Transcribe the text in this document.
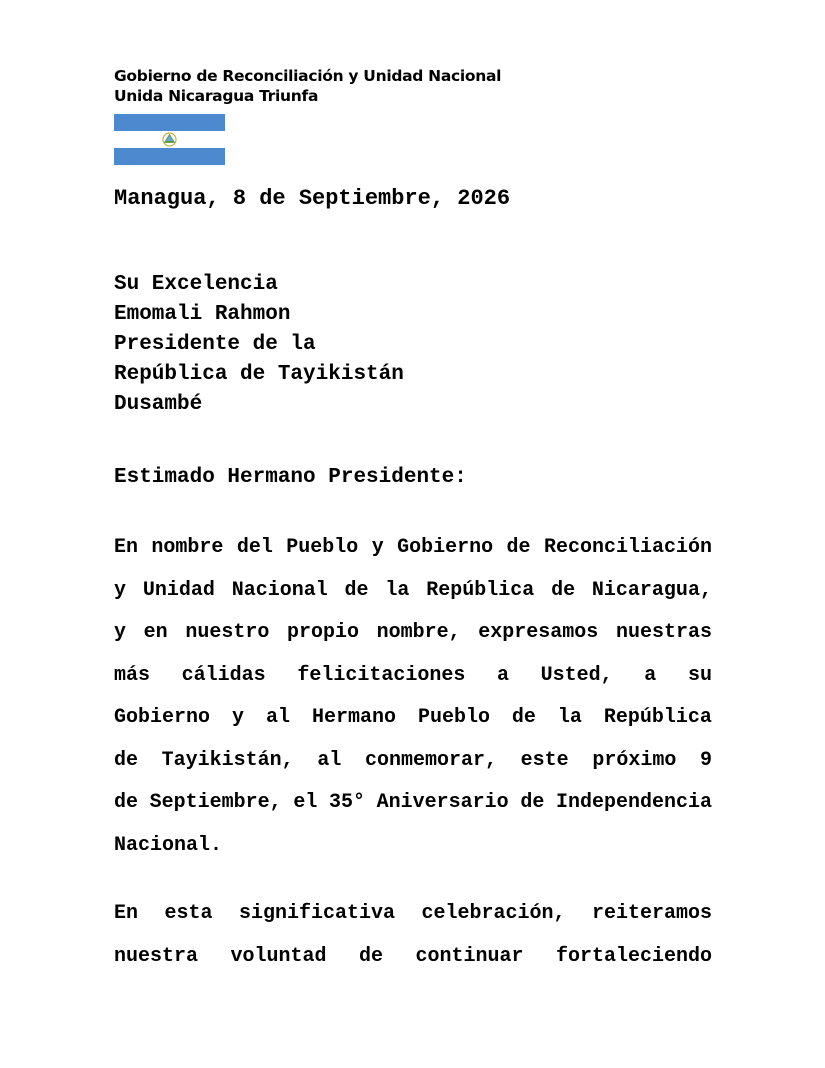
Gobierno de Reconciliación y Unidad Nacional
Unida Nicaragua Triunfa
Managua, 8 de Septiembre, 2026
Su Excelencia
Emomali Rahmon
Presidente de la
República de Tayikistán
Dusambé
Estimado Hermano Presidente:
En nombre del Pueblo y Gobierno de Reconciliación
y Unidad Nacional de la República de Nicaragua,
y en nuestro propio nombre, expresamos nuestras
más cálidas felicitaciones a Usted, a su
Gobierno y al Hermano Pueblo de la República
de Tayikistán, al conmemorar, este próximo 9
de Septiembre, el 35° Aniversario de Independencia
Nacional.
En esta significativa celebración, reiteramos
nuestra voluntad de continuar fortaleciendo
